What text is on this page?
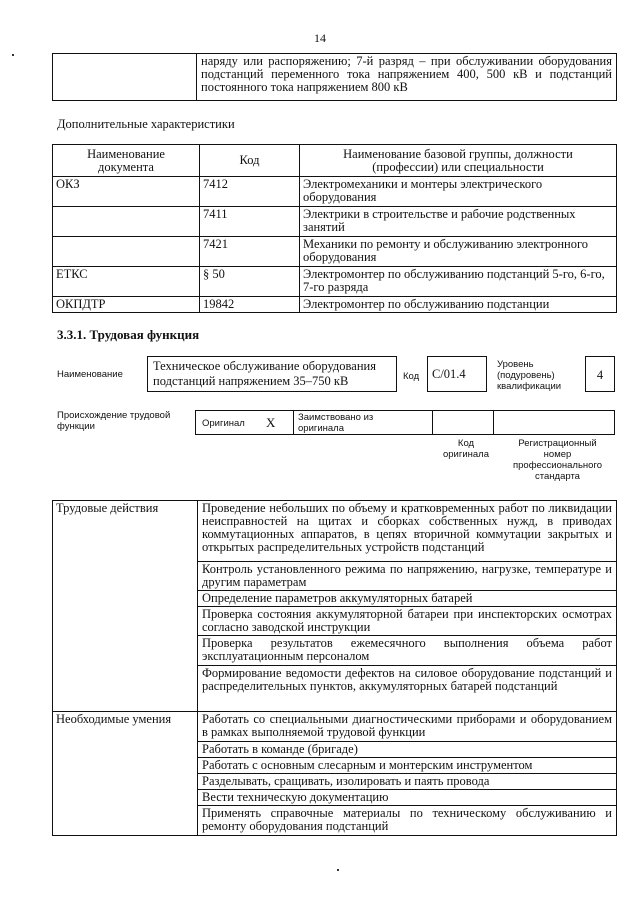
14

наряду или распоряжению; 7-й разряд – при обслуживании оборудования
подстанций переменного тока напряжением 400, 500 кВ и подстанций
постоянного тока напряжением 800 кВ
Дополнительные характеристики
Наименование документа	Код	Наименование базовой группы, должности (профессии) или специальности
ОКЗ	7412	Электромеханики и монтеры электрического оборудования
	7411	Электрики в строительстве и рабочие родственных занятий
	7421	Механики по ремонту и обслуживанию электронного оборудования
ЕТКС	§ 50	Электромонтер по обслуживанию подстанций 5-го, 6-го, 7-го разряда
ОКПДТР	19842	Электромонтер по обслуживанию подстанции
3.3.1. Трудовая функция
Наименование
Техническое обслуживание оборудования подстанций напряжением 35–750 кВ	Код	С/01.4
Уровень (подуровень) квалификации
4
Происхождение трудовой функции	Оригинал X Заимствовано из оригинала
Код оригинала
Регистрационный номер профессионального стандарта
Трудовые действия	Проведение небольших по объему и кратковременных работ по ликвидации неисправностей на щитах и сборках собственных нужд, в приводах коммутационных аппаратов, в цепях вторичной коммутации закрытых и открытых распределительных устройств подстанций
	Контроль установленного режима по напряжению, нагрузке, температуре и другим параметрам
	Определение параметров аккумуляторных батарей
	Проверка состояния аккумуляторной батареи при инспекторских осмотрах согласно заводской инструкции
	Проверка результатов ежемесячного выполнения объема работ эксплуатационным персоналом
	Формирование ведомости дефектов на силовое оборудование подстанций и распределительных пунктов, аккумуляторных батарей подстанций
Необходимые умения	Работать со специальными диагностическими приборами и оборудованием в рамках выполняемой трудовой функции
	Работать в команде (бригаде)
	Работать с основным слесарным и монтерским инструментом
	Разделывать, сращивать, изолировать и паять провода
	Вести техническую документацию
	Применять справочные материалы по техническому обслуживанию и ремонту оборудования подстанций
